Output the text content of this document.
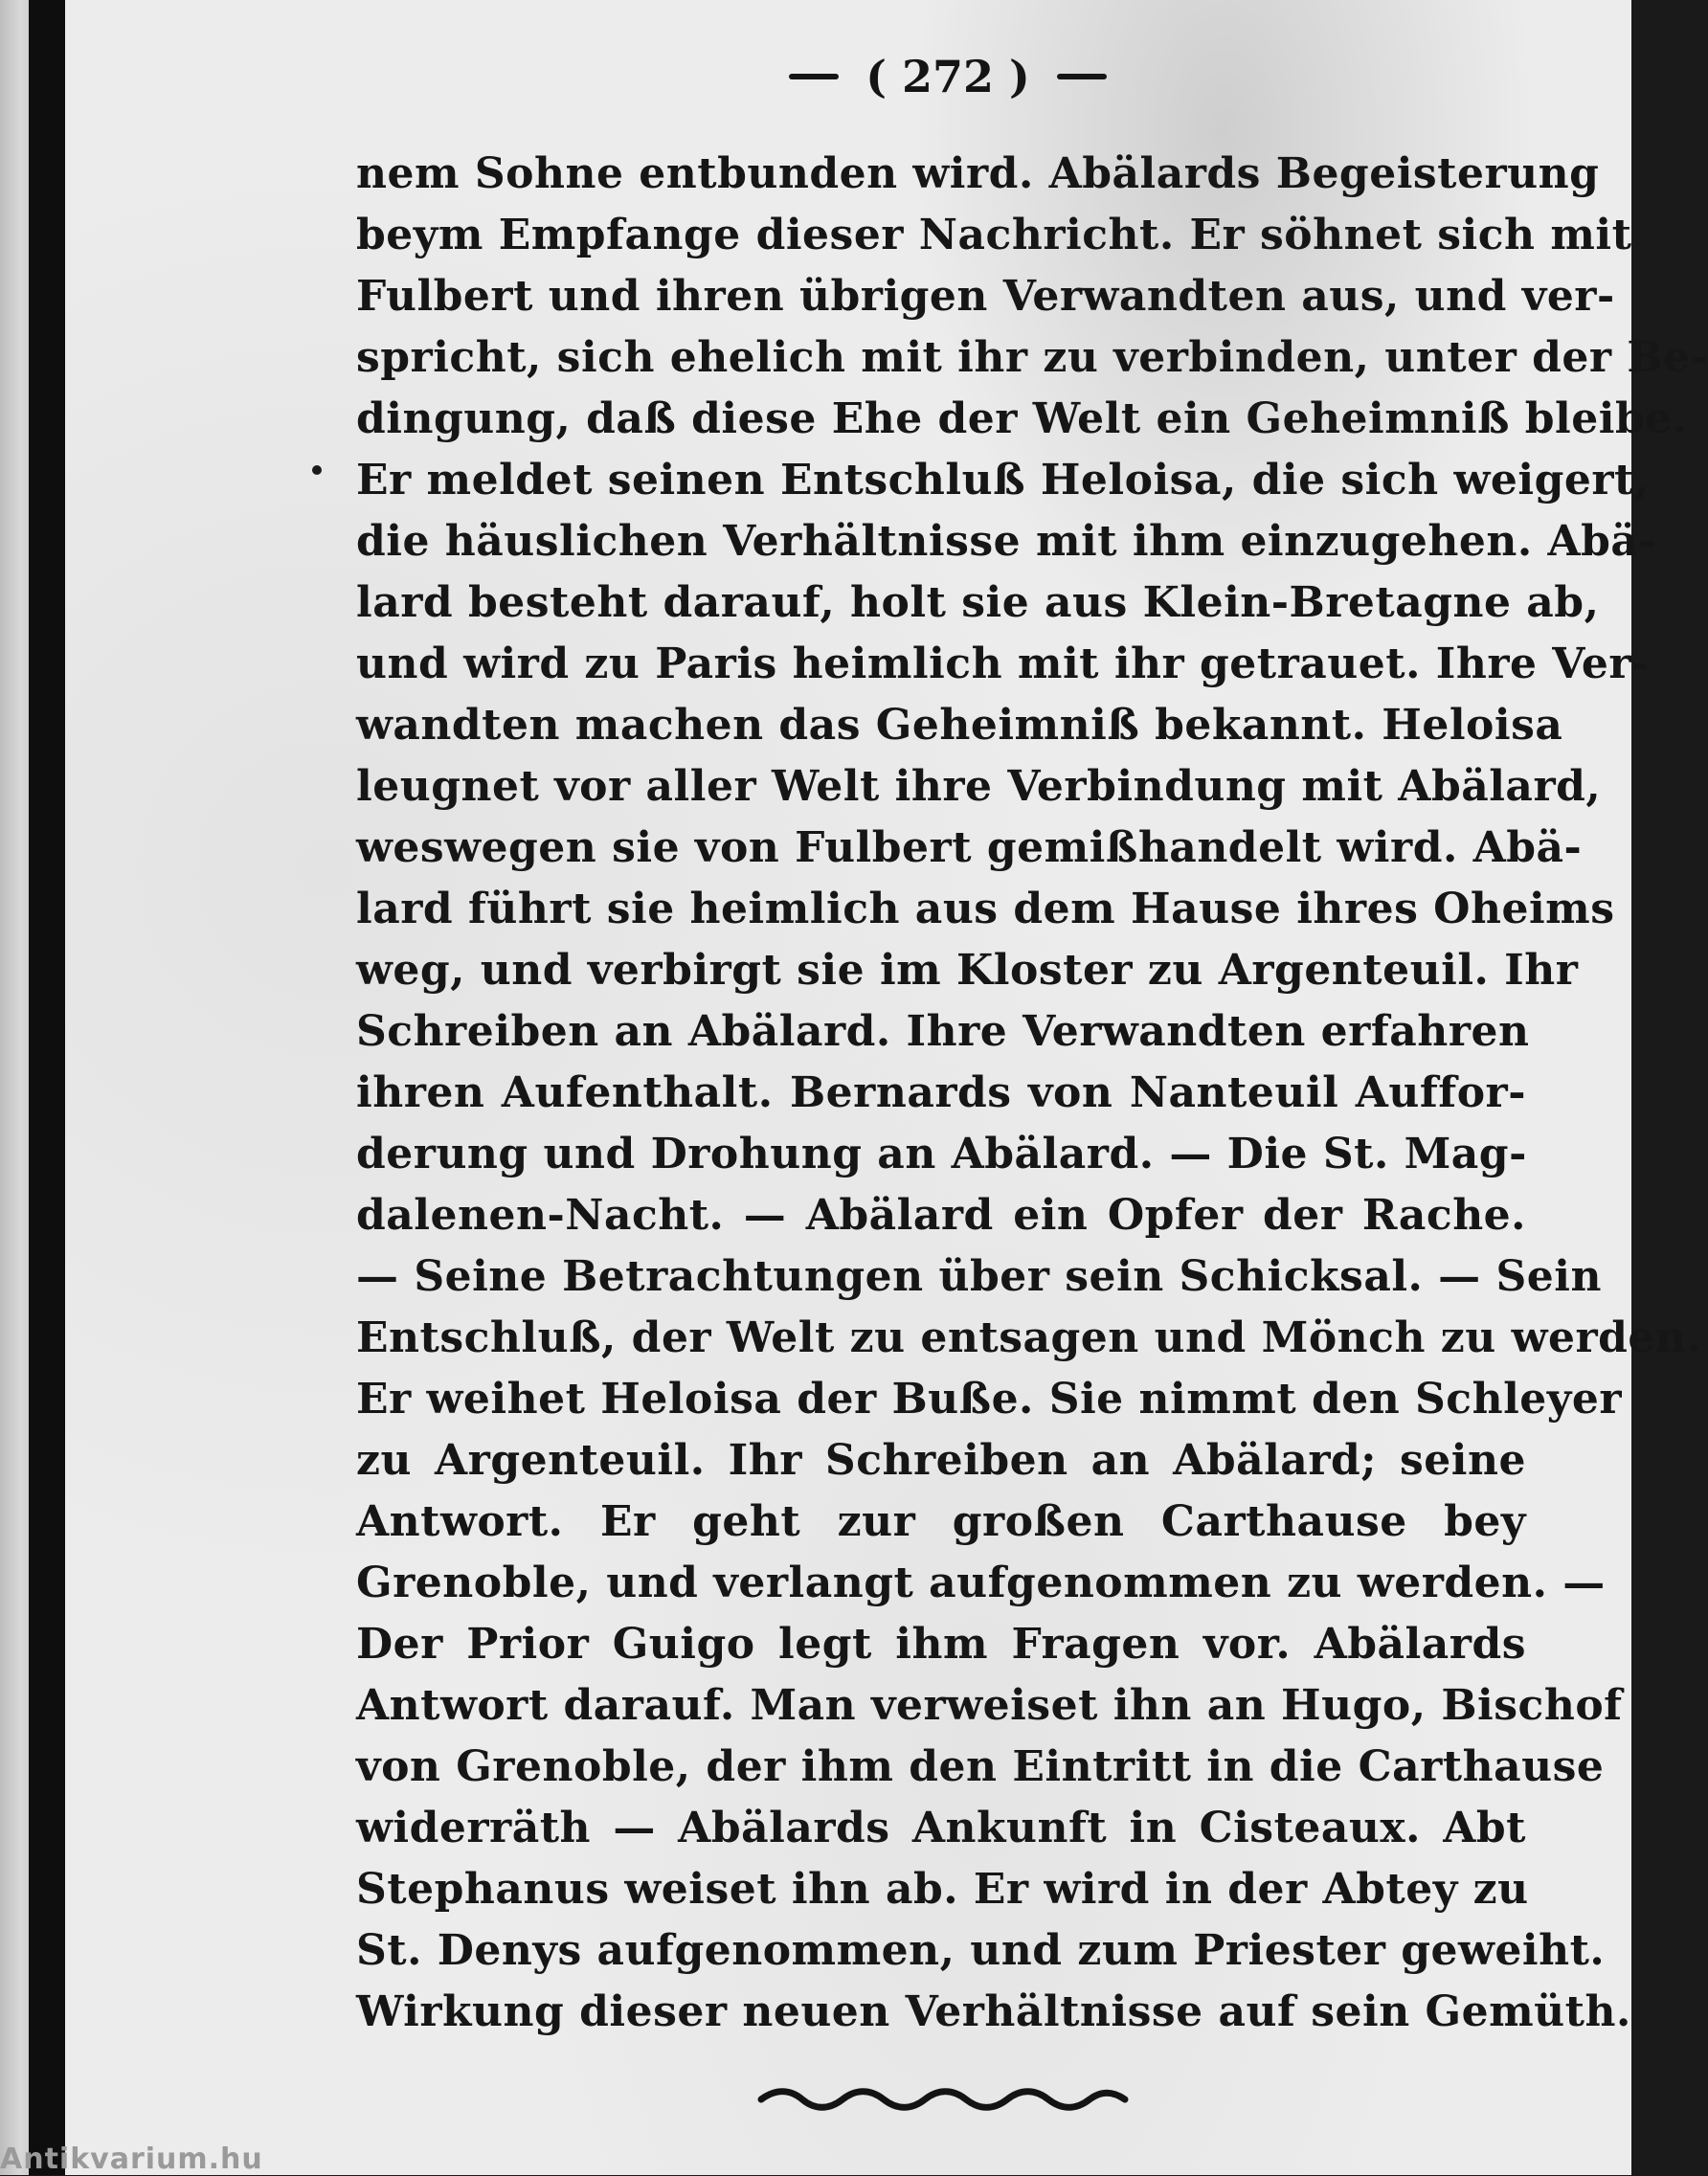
( 272 )
nem Sohne entbunden wird. Abälards Begeisterung
beym Empfange dieser Nachricht. Er söhnet sich mit
Fulbert und ihren übrigen Verwandten aus, und ver-
spricht, sich ehelich mit ihr zu verbinden, unter der Be-
dingung, daß diese Ehe der Welt ein Geheimniß bleibe.
Er meldet seinen Entschluß Heloisa, die sich weigert,
die häuslichen Verhältnisse mit ihm einzugehen. Abä-
lard besteht darauf, holt sie aus Klein-Bretagne ab,
und wird zu Paris heimlich mit ihr getrauet. Ihre Ver-
wandten machen das Geheimniß bekannt. Heloisa
leugnet vor aller Welt ihre Verbindung mit Abälard,
weswegen sie von Fulbert gemißhandelt wird. Abä-
lard führt sie heimlich aus dem Hause ihres Oheims
weg, und verbirgt sie im Kloster zu Argenteuil. Ihr
Schreiben an Abälard. Ihre Verwandten erfahren
ihren Aufenthalt. Bernards von Nanteuil Auffor-
derung und Drohung an Abälard. — Die St. Mag-
dalenen-Nacht. — Abälard ein Opfer der Rache.
— Seine Betrachtungen über sein Schicksal. — Sein
Entschluß, der Welt zu entsagen und Mönch zu werden.
Er weihet Heloisa der Buße. Sie nimmt den Schleyer
zu Argenteuil. Ihr Schreiben an Abälard; seine
Antwort. Er geht zur großen Carthause bey
Grenoble, und verlangt aufgenommen zu werden. —
Der Prior Guigo legt ihm Fragen vor. Abälards
Antwort darauf. Man verweiset ihn an Hugo, Bischof
von Grenoble, der ihm den Eintritt in die Carthause
widerräth — Abälards Ankunft in Cisteaux. Abt
Stephanus weiset ihn ab. Er wird in der Abtey zu
St. Denys aufgenommen, und zum Priester geweiht.
Wirkung dieser neuen Verhältnisse auf sein Gemüth.
Antikvarium.hu
